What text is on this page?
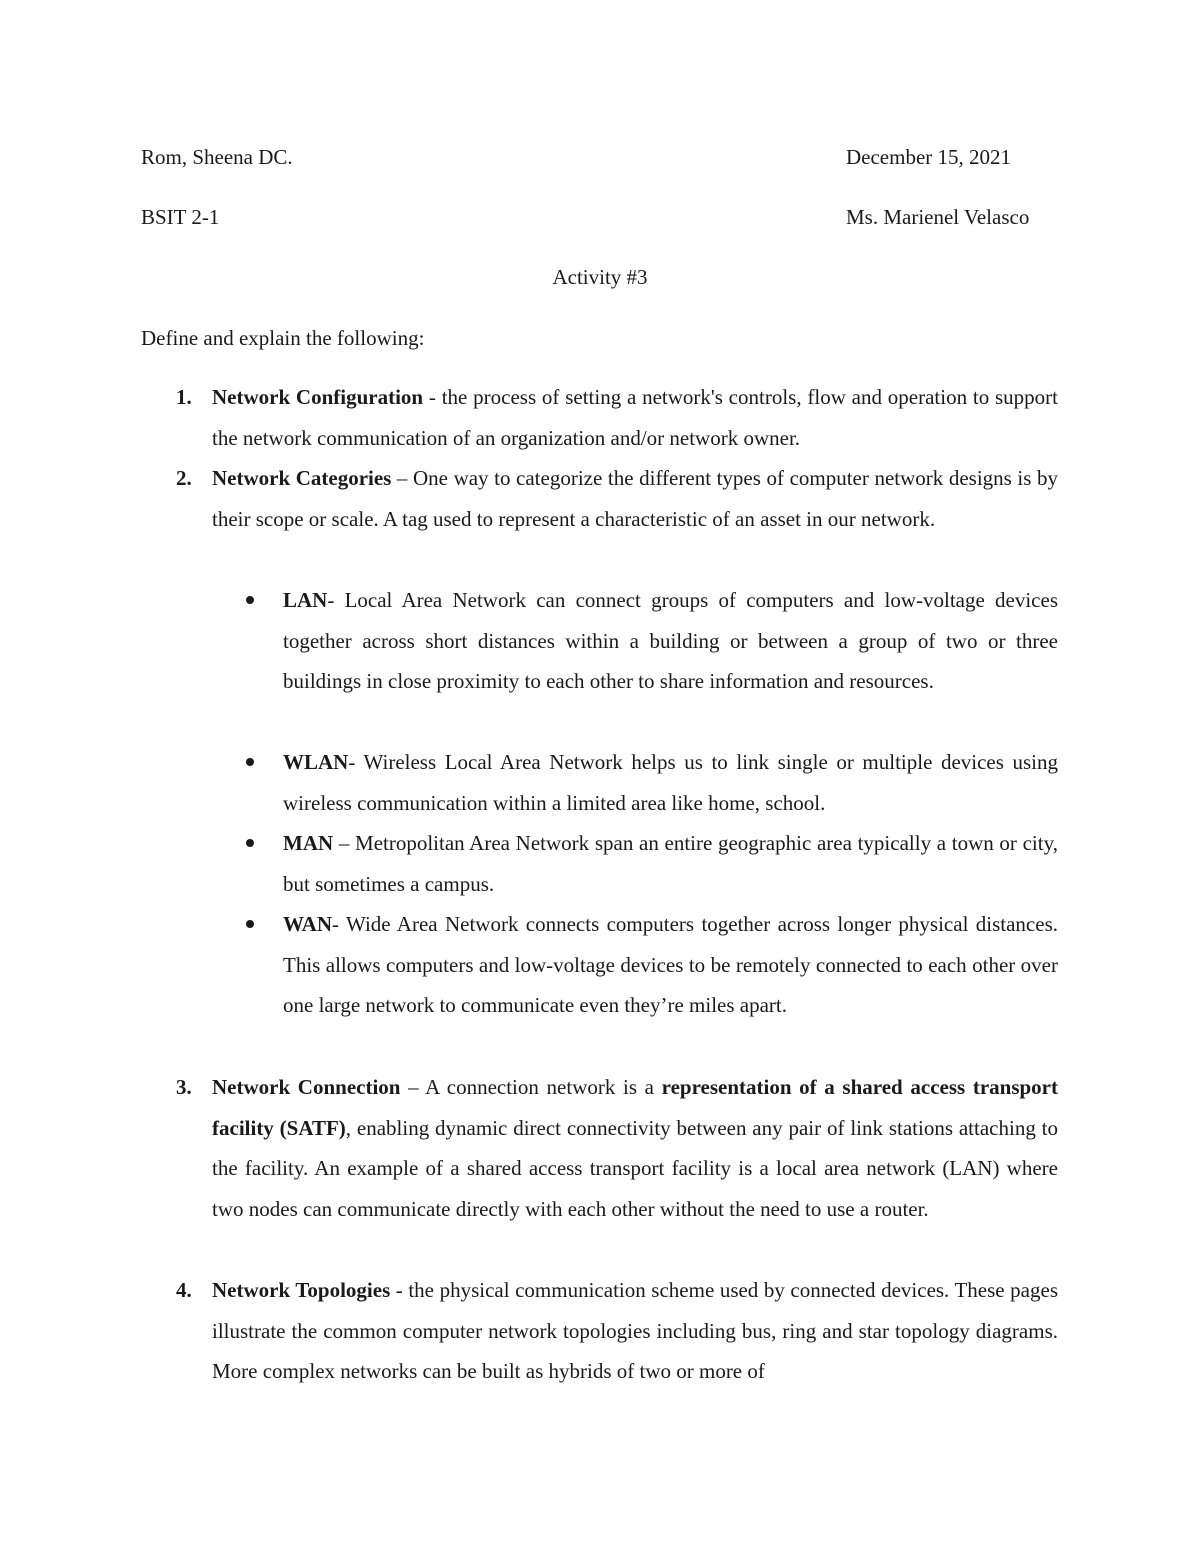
Rom, Sheena DC.	December 15, 2021
BSIT 2-1	Ms. Marienel Velasco
Activity #3
Define and explain the following:
1. Network Configuration - the process of setting a network's controls, flow and operation to support the network communication of an organization and/or network owner.

2. Network Categories – One way to categorize the different types of computer network designs is by their scope or scale. A tag used to represent a characteristic of an asset in our network.

LAN- Local Area Network can connect groups of computers and low-voltage devices together across short distances within a building or between a group of two or three buildings in close proximity to each other to share information and resources.

WLAN- Wireless Local Area Network helps us to link single or multiple devices using wireless communication within a limited area like home, school.

MAN – Metropolitan Area Network span an entire geographic area typically a town or city, but sometimes a campus.

WAN- Wide Area Network connects computers together across longer physical distances. This allows computers and low-voltage devices to be remotely connected to each other over one large network to communicate even they’re miles apart.

3. Network Connection – A connection network is a representation of a shared access transport facility (SATF), enabling dynamic direct connectivity between any pair of link stations attaching to the facility. An example of a shared access transport facility is a local area network (LAN) where two nodes can communicate directly with each other without the need to use a router.

4. Network Topologies - the physical communication scheme used by connected devices. These pages illustrate the common computer network topologies including bus, ring and star topology diagrams. More complex networks can be built as hybrids of two or more of
